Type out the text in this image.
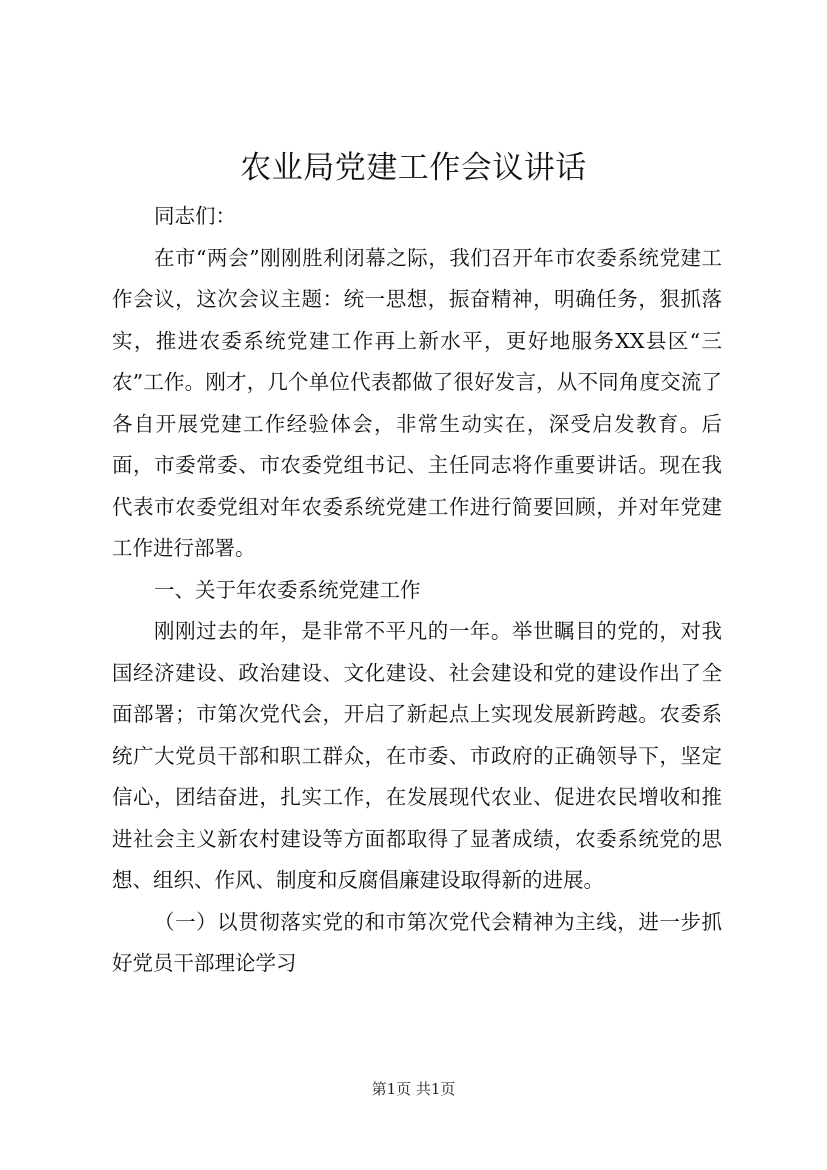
农业局党建工作会议讲话

同志们：

在市“两会”刚刚胜利闭幕之际，我们召开年市农委系统党建工作会议，这次会议主题：统一思想，振奋精神，明确任务，狠抓落实，推进农委系统党建工作再上新水平，更好地服务XX县区“三农”工作。刚才，几个单位代表都做了很好发言，从不同角度交流了各自开展党建工作经验体会，非常生动实在，深受启发教育。后面，市委常委、市农委党组书记、主任同志将作重要讲话。现在我代表市农委党组对年农委系统党建工作进行简要回顾，并对年党建工作进行部署。

一、关于年农委系统党建工作

刚刚过去的年，是非常不平凡的一年。举世瞩目的党的，对我国经济建设、政治建设、文化建设、社会建设和党的建设作出了全面部署；市第次党代会，开启了新起点上实现发展新跨越。农委系统广大党员干部和职工群众，在市委、市政府的正确领导下，坚定信心，团结奋进，扎实工作，在发展现代农业、促进农民增收和推进社会主义新农村建设等方面都取得了显著成绩，农委系统党的思想、组织、作风、制度和反腐倡廉建设取得新的进展。

（一）以贯彻落实党的和市第次党代会精神为主线，进一步抓好党员干部理论学习

第1页 共1页
